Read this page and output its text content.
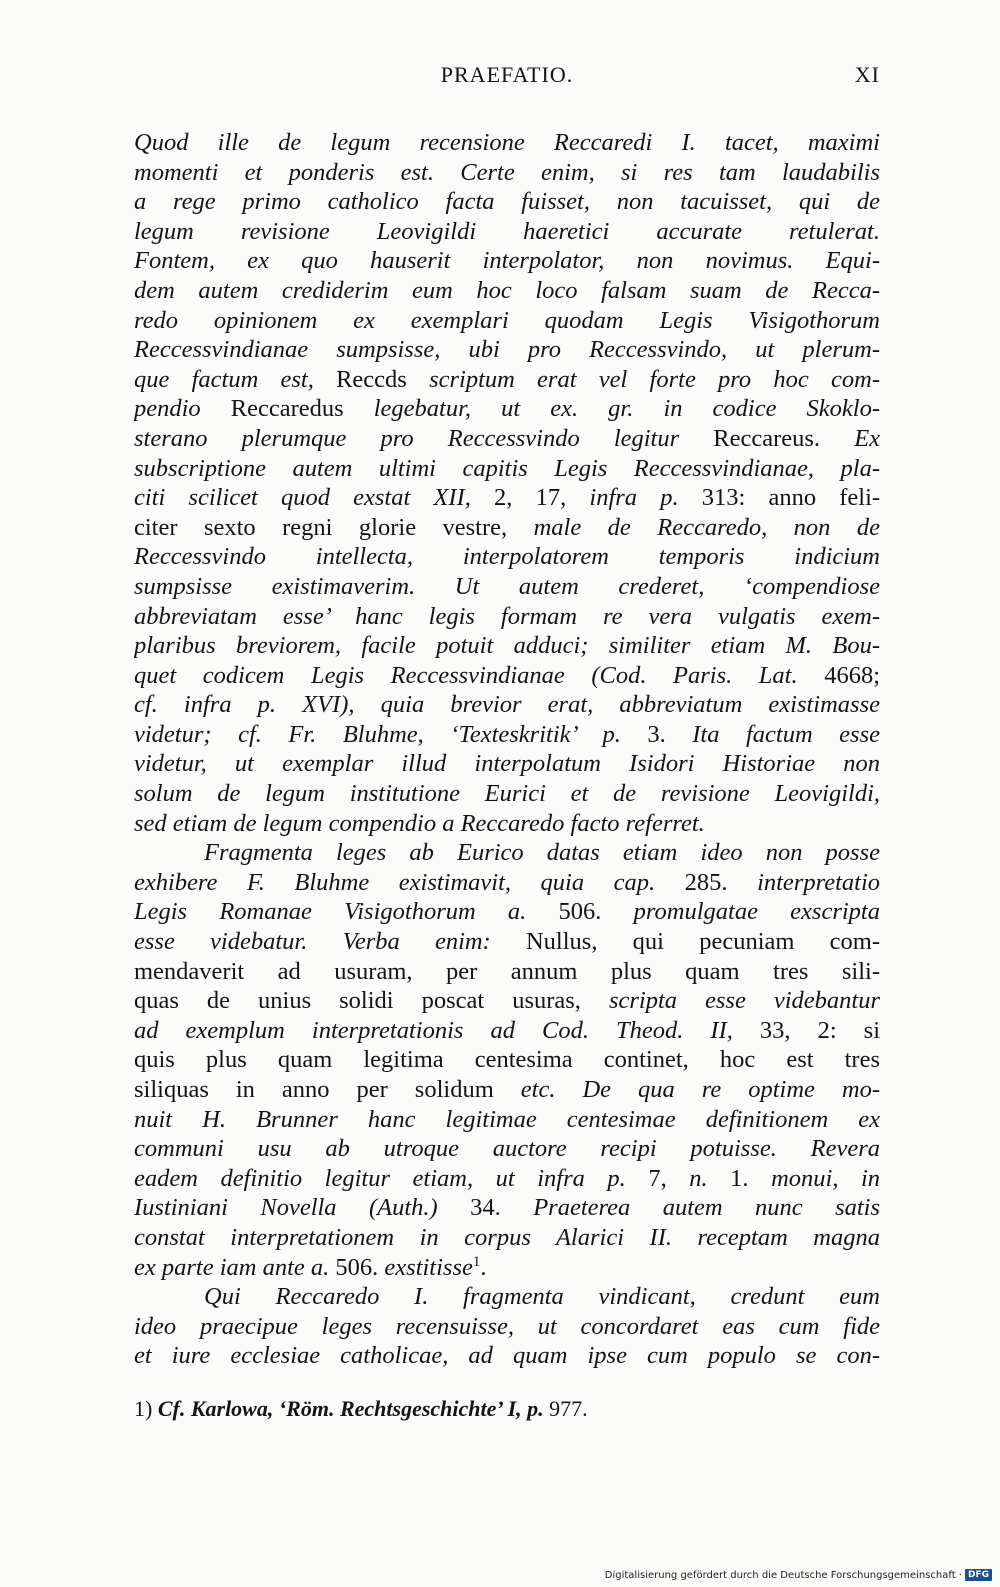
PRAEFATIO.	XI
Quod ille de legum recensione Reccaredi I. tacet, maximi
momenti et ponderis est. Certe enim, si res tam laudabilis
a rege primo catholico facta fuisset, non tacuisset, qui de
legum revisione Leovigildi haeretici accurate retulerat.
Fontem, ex quo hauserit interpolator, non novimus. Equi-
dem autem crediderim eum hoc loco falsam suam de Recca-
redo opinionem ex exemplari quodam Legis Visigothorum
Reccessvindianae sumpsisse, ubi pro Reccessvindo, ut plerum-
que factum est, Reccds scriptum erat vel forte pro hoc com-
pendio Reccaredus legebatur, ut ex. gr. in codice Skoklo-
sterano plerumque pro Reccessvindo legitur Reccareus. Ex
subscriptione autem ultimi capitis Legis Reccessvindianae, pla-
citi scilicet quod exstat XII, 2, 17, infra p. 313: anno feli-
citer sexto regni glorie vestre, male de Reccaredo, non de
Reccessvindo intellecta, interpolatorem temporis indicium
sumpsisse existimaverim. Ut autem crederet, ‘compendiose
abbreviatam esse’ hanc legis formam re vera vulgatis exem-
plaribus breviorem, facile potuit adduci; similiter etiam M. Bou-
quet codicem Legis Reccessvindianae (Cod. Paris. Lat. 4668;
cf. infra p. XVI), quia brevior erat, abbreviatum existimasse
videtur; cf. Fr. Bluhme, ‘Texteskritik’ p. 3. Ita factum esse
videtur, ut exemplar illud interpolatum Isidori Historiae non
solum de legum institutione Eurici et de revisione Leovigildi,
sed etiam de legum compendio a Reccaredo facto referret.
Fragmenta leges ab Eurico datas etiam ideo non posse
exhibere F. Bluhme existimavit, quia cap. 285. interpretatio
Legis Romanae Visigothorum a. 506. promulgatae exscripta
esse videbatur. Verba enim: Nullus, qui pecuniam com-
mendaverit ad usuram, per annum plus quam tres sili-
quas de unius solidi poscat usuras, scripta esse videbantur
ad exemplum interpretationis ad Cod. Theod. II, 33, 2: si
quis plus quam legitima centesima continet, hoc est tres
siliquas in anno per solidum etc. De qua re optime mo-
nuit H. Brunner hanc legitimae centesimae definitionem ex
communi usu ab utroque auctore recipi potuisse. Revera
eadem definitio legitur etiam, ut infra p. 7, n. 1. monui, in
Iustiniani Novella (Auth.) 34. Praeterea autem nunc satis
constat interpretationem in corpus Alarici II. receptam magna
ex parte iam ante a. 506. exstitisse$^1$.
Qui Reccaredo I. fragmenta vindicant, credunt eum
ideo praecipue leges recensuisse, ut concordaret eas cum fide
et iure ecclesiae catholicae, ad quam ipse cum populo se con-
1) Cf. Karlowa, ‘Röm. Rechtsgeschichte’ I, p. 977.
Digitalisierung gefördert durch die Deutsche Forschungsgemeinschaft · DFG
